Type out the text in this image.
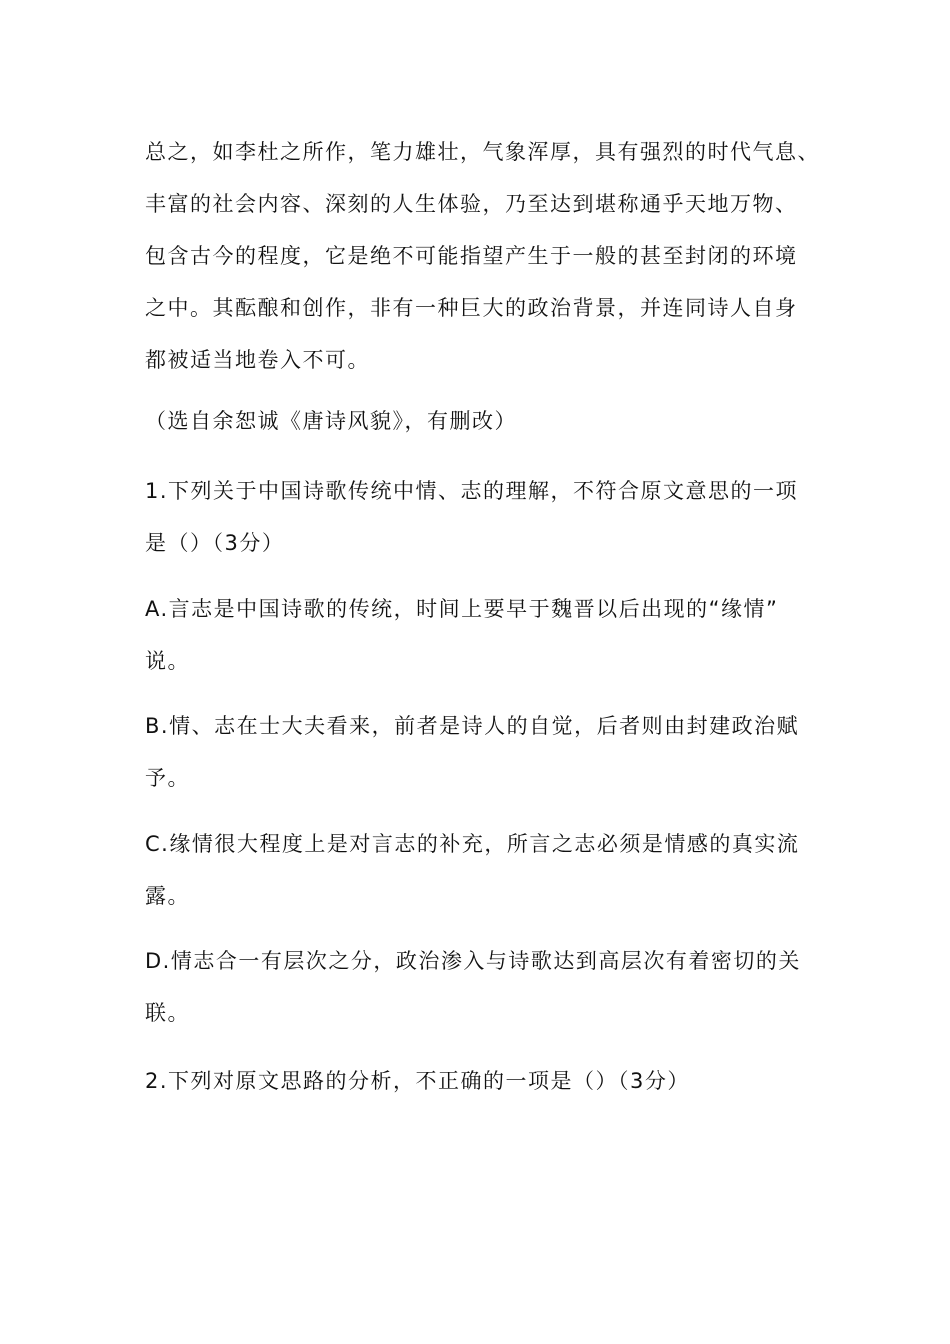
总之，如李杜之所作，笔力雄壮，气象浑厚，具有强烈的时代气息、
丰富的社会内容、深刻的人生体验，乃至达到堪称通乎天地万物、
包含古今的程度，它是绝不可能指望产生于一般的甚至封闭的环境
之中。其酝酿和创作，非有一种巨大的政治背景，并连同诗人自身
都被适当地卷入不可。

（选自余恕诚《唐诗风貌》，有删改）

1.下列关于中国诗歌传统中情、志的理解，不符合原文意思的一项
是（）（3分）

A.言志是中国诗歌的传统，时间上要早于魏晋以后出现的“缘情”
说。

B.情、志在士大夫看来，前者是诗人的自觉，后者则由封建政治赋
予。

C.缘情很大程度上是对言志的补充，所言之志必须是情感的真实流
露。

D.情志合一有层次之分，政治渗入与诗歌达到高层次有着密切的关
联。

2.下列对原文思路的分析，不正确的一项是（）（3分）
